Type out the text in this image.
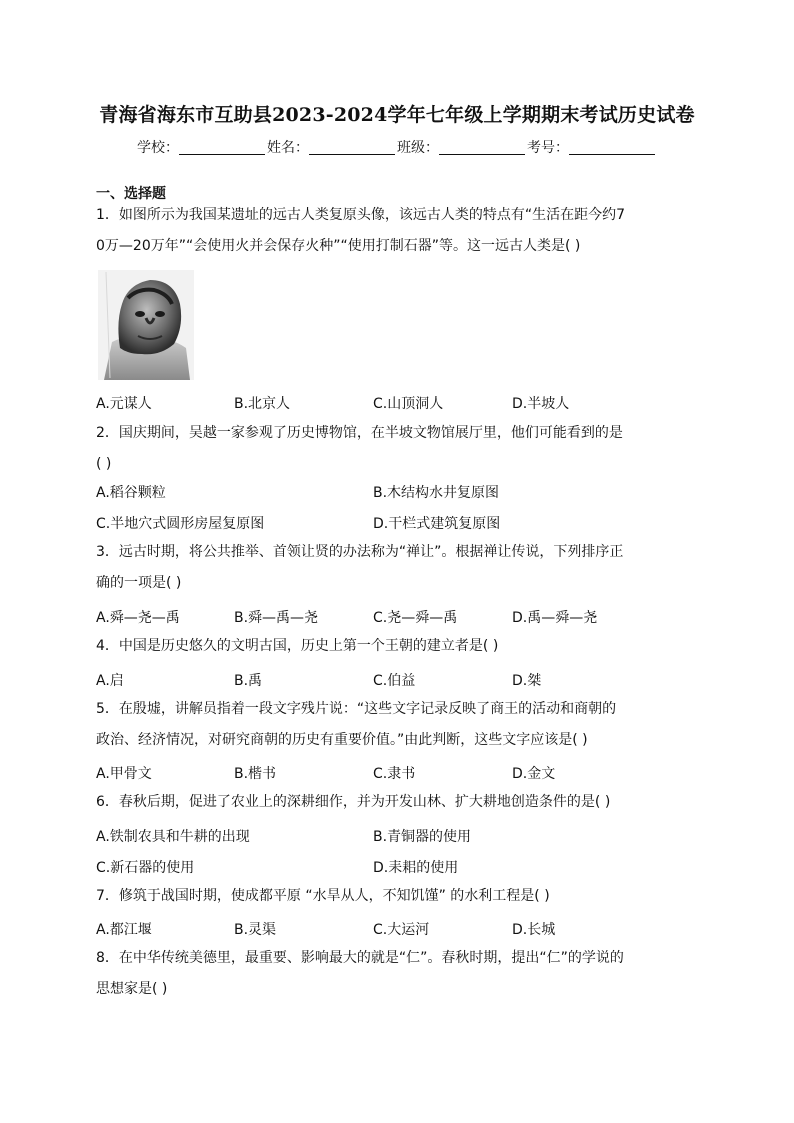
青海省海东市互助县2023-2024学年七年级上学期期末考试历史试卷
学校：	姓名：	班级：	考号：
一、选择题
1．如图所示为我国某遗址的远古人类复原头像，该远古人类的特点有“生活在距今约7
0万—20万年”“会使用火并会保存火种”“使用打制石器”等。这一远古人类是( )
A.元谋人	B.北京人	C.山顶洞人	D.半坡人
2．国庆期间，吴越一家参观了历史博物馆，在半坡文物馆展厅里，他们可能看到的是
( )
A.稻谷颗粒	B.木结构水井复原图
C.半地穴式圆形房屋复原图	D.干栏式建筑复原图
3．远古时期，将公共推举、首领让贤的办法称为“禅让”。根据禅让传说，下列排序正
确的一项是( )
A.舜—尧—禹	B.舜—禹—尧	C.尧—舜—禹	D.禹—舜—尧
4．中国是历史悠久的文明古国，历史上第一个王朝的建立者是( )
A.启	B.禹	C.伯益	D.桀
5．在殷墟，讲解员指着一段文字残片说：“这些文字记录反映了商王的活动和商朝的
政治、经济情况，对研究商朝的历史有重要价值。”由此判断，这些文字应该是( )
A.甲骨文	B.楷书	C.隶书	D.金文
6．春秋后期，促进了农业上的深耕细作，并为开发山林、扩大耕地创造条件的是( )
A.铁制农具和牛耕的出现	B.青铜器的使用
C.新石器的使用	D.耒耜的使用
7．修筑于战国时期，使成都平原 “水旱从人，不知饥馑” 的水利工程是( )
A.都江堰	B.灵渠	C.大运河	D.长城
8．在中华传统美德里，最重要、影响最大的就是“仁”。春秋时期，提出“仁”的学说的
思想家是( )
